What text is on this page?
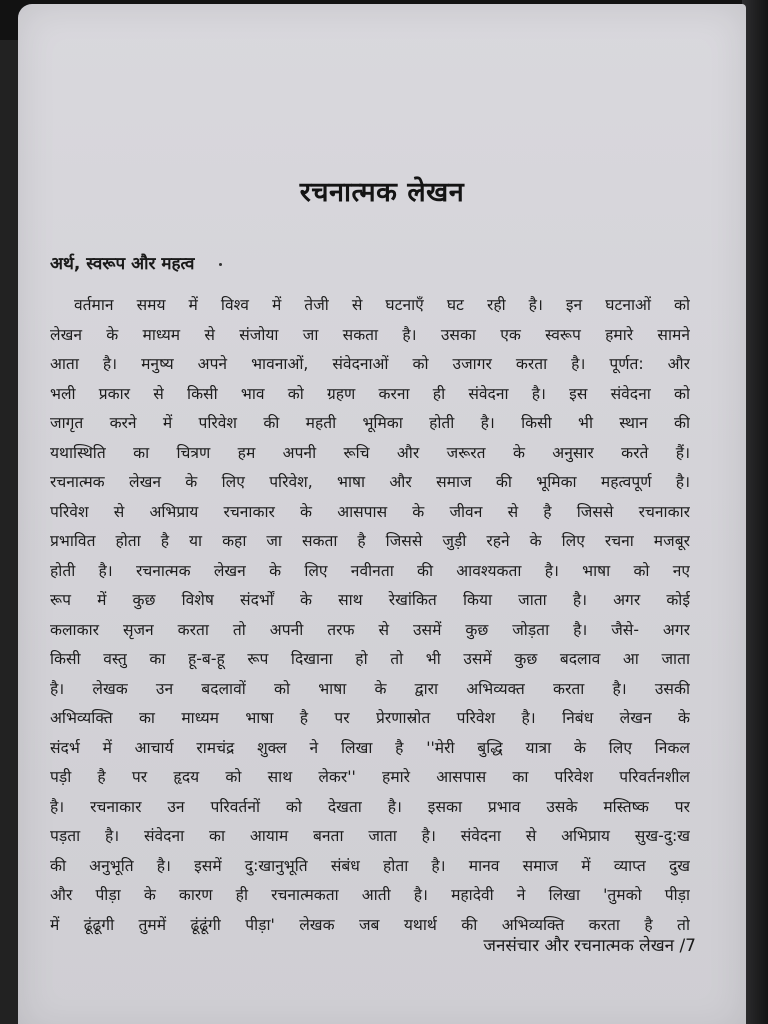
रचनात्मक लेखन
अर्थ, स्वरूप और महत्व
वर्तमान समय में विश्व में तेजी से घटनाएँ घट रही है। इन घटनाओं को
लेखन के माध्यम से संजोया जा सकता है। उसका एक स्वरूप हमारे सामने
आता है। मनुष्य अपने भावनाओं, संवेदनाओं को उजागर करता है। पूर्णत: और
भली प्रकार से किसी भाव को ग्रहण करना ही संवेदना है। इस संवेदना को
जागृत करने में परिवेश की महती भूमिका होती है। किसी भी स्थान की
यथास्थिति का चित्रण हम अपनी रूचि और जरूरत के अनुसार करते हैं।
रचनात्मक लेखन के लिए परिवेश, भाषा और समाज की भूमिका महत्वपूर्ण है।
परिवेश से अभिप्राय रचनाकार के आसपास के जीवन से है जिससे रचनाकार
प्रभावित होता है या कहा जा सकता है जिससे जुड़ी रहने के लिए रचना मजबूर
होती है। रचनात्मक लेखन के लिए नवीनता की आवश्यकता है। भाषा को नए
रूप में कुछ विशेष संदर्भों के साथ रेखांकित किया जाता है। अगर कोई
कलाकार सृजन करता तो अपनी तरफ से उसमें कुछ जोड़ता है। जैसे- अगर
किसी वस्तु का हू-ब-हू रूप दिखाना हो तो भी उसमें कुछ बदलाव आ जाता
है। लेखक उन बदलावों को भाषा के द्वारा अभिव्यक्त करता है। उसकी
अभिव्यक्ति का माध्यम भाषा है पर प्रेरणास्रोत परिवेश है। निबंध लेखन के
संदर्भ में आचार्य रामचंद्र शुक्ल ने लिखा है ''मेरी बुद्धि यात्रा के लिए निकल
पड़ी है पर हृदय को साथ लेकर'' हमारे आसपास का परिवेश परिवर्तनशील
है। रचनाकार उन परिवर्तनों को देखता है। इसका प्रभाव उसके मस्तिष्क पर
पड़ता है। संवेदना का आयाम बनता जाता है। संवेदना से अभिप्राय सुख-दु:ख
की अनुभूति है। इसमें दु:खानुभूति संबंध होता है। मानव समाज में व्याप्त दुख
और पीड़ा के कारण ही रचनात्मकता आती है। महादेवी ने लिखा 'तुमको पीड़ा
में ढूंढूगी तुममें ढूंढूंगी पीड़ा' लेखक जब यथार्थ की अभिव्यक्ति करता है तो
जनसंचार और रचनात्मक लेखन /7
